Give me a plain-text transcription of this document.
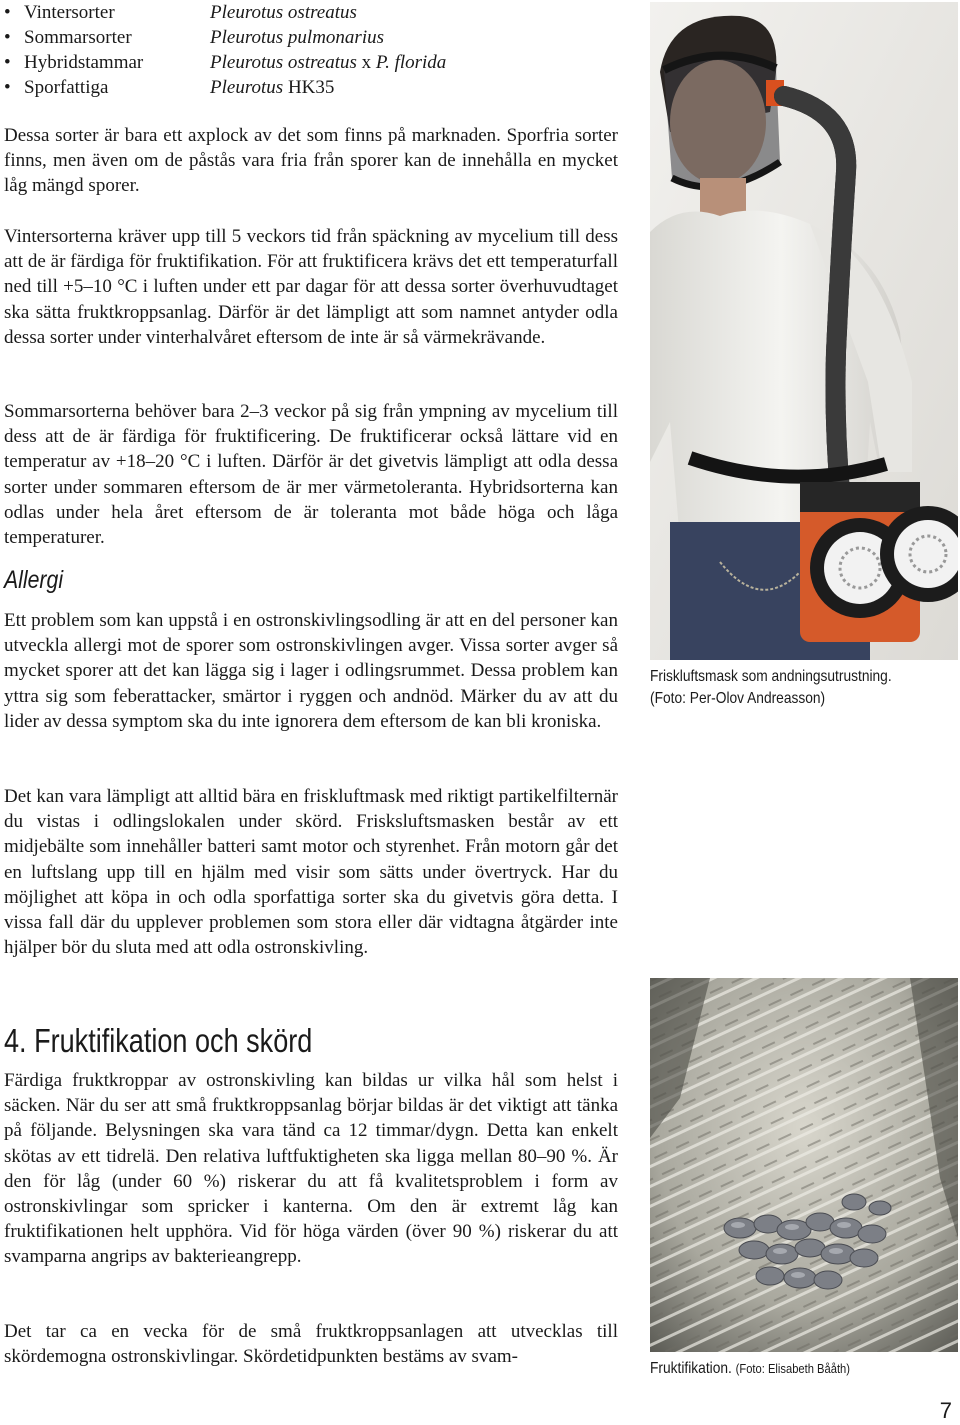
• Vintersorter	Pleurotus ostreatus
• Sommarsorter	Pleurotus pulmonarius
• Hybridstammar	Pleurotus ostreatus x P. florida
• Sporfattiga	Pleurotus HK35

Dessa sorter är bara ett axplock av det som finns på marknaden. Sporfria sorter finns, men även om de påstås vara fria från sporer kan de innehålla en mycket låg mängd sporer.

Vintersorterna kräver upp till 5 veckors tid från späckning av mycelium till dess att de är färdiga för fruktifikation. För att fruktificera krävs det ett temperaturfall ned till +5–10 °C i luften under ett par dagar för att dessa sorter överhuvudtaget ska sätta fruktkroppsanlag. Därför är det lämpligt att som namnet antyder odla dessa sorter under vinterhalvåret eftersom de inte är så värmekrävande.

Sommarsorterna behöver bara 2–3 veckor på sig från ympning av mycelium till dess att de är färdiga för fruktificering. De fruktificerar också lättare vid en temperatur av +18–20 °C i luften. Därför är det givetvis lämpligt att odla dessa sorter under sommaren eftersom de är mer värmetoleranta. Hybridsorterna kan odlas under hela året eftersom de är toleranta mot både höga och låga temperaturer.

Allergi

Ett problem som kan uppstå i en ostronskivlingsodling är att en del personer kan utveckla allergi mot de sporer som ostronskivlingen avger. Vissa sorter avger så mycket sporer att det kan lägga sig i lager i odlingsrummet. Dessa problem kan yttra sig som feberattacker, smärtor i ryggen och andnöd. Märker du av att du lider av dessa symptom ska du inte ignorera dem eftersom de kan bli kroniska.

Det kan vara lämpligt att alltid bära en friskluftmask med riktigt partikelfilternär du vistas i odlingslokalen under skörd. Frisksluftsmasken består av ett midjebälte som innehåller batteri samt motor och styrenhet. Från motorn går det en luftslang upp till en hjälm med visir som sätts under övertryck. Har du möjlighet att köpa in och odla sporfattiga sorter ska du givetvis göra detta. I vissa fall där du upplever problemen som stora eller där vidtagna åtgärder inte hjälper bör du sluta med att odla ostronskivling.

4. Fruktifikation och skörd

Färdiga fruktkroppar av ostronskivling kan bildas ur vilka hål som helst i säcken. När du ser att små fruktkroppsanlag börjar bildas är det viktigt att tänka på följande. Belysningen ska vara tänd ca 12 timmar/dygn. Detta kan enkelt skötas av ett tidrelä. Den relativa luftfuktigheten ska ligga mellan 80–90 %. Är den för låg (under 60 %) riskerar du att få kvalitetsproblem i form av ostronskivlingar som spricker i kanterna. Om den är extremt låg kan fruktifikationen helt upphöra. Vid för höga värden (över 90 %) riskerar du att svamparna angrips av bakterieangrepp.

Det tar ca en vecka för de små fruktkroppsanlagen att utvecklas till skördemogna ostronskivlingar. Skördetidpunkten bestäms av svam-

Friskluftsmask som andningsutrustning.

(Foto: Per-Olov Andreasson)

Fruktifikation. (Foto: Elisabeth Bååth)

7
